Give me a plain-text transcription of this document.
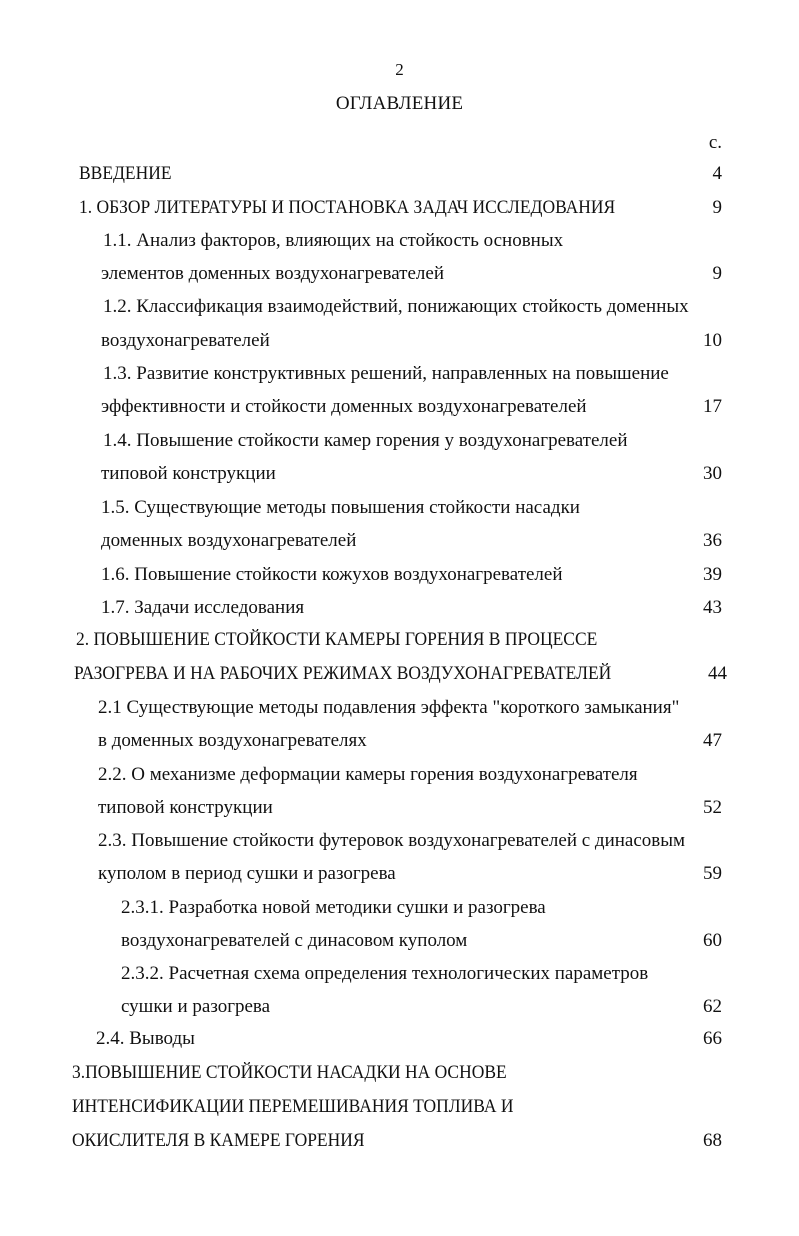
2
ОГЛАВЛЕНИЕ
с.
ВВЕДЕНИЕ	4
1. ОБЗОР ЛИТЕРАТУРЫ И ПОСТАНОВКА ЗАДАЧ ИССЛЕДОВАНИЯ	9
1.1. Анализ факторов, влияющих на стойкость основных
элементов доменных воздухонагревателей	9
1.2. Классификация взаимодействий, понижающих стойкость доменных
воздухонагревателей	10
1.3. Развитие конструктивных решений, направленных на повышение
эффективности и стойкости доменных воздухонагревателей	17
1.4. Повышение стойкости камер горения у воздухонагревателей
типовой конструкции	30
1.5. Существующие методы повышения стойкости насадки
доменных воздухонагревателей	36
1.6. Повышение стойкости кожухов воздухонагревателей	39
1.7. Задачи исследования	43
2. ПОВЫШЕНИЕ СТОЙКОСТИ КАМЕРЫ ГОРЕНИЯ В ПРОЦЕССЕ
РАЗОГРЕВА И НА РАБОЧИХ РЕЖИМАХ ВОЗДУХОНАГРЕВАТЕЛЕЙ	44
2.1 Существующие методы подавления эффекта "короткого замыкания"
в доменных воздухонагревателях	47
2.2. О механизме деформации камеры горения воздухонагревателя
типовой конструкции	52
2.3. Повышение стойкости футеровок воздухонагревателей с динасовым
куполом в период сушки и разогрева	59
2.3.1. Разработка новой методики сушки и разогрева
воздухонагревателей с динасовом куполом	60
2.3.2. Расчетная схема определения технологических параметров
сушки и разогрева	62
2.4. Выводы	66
3.ПОВЫШЕНИЕ СТОЙКОСТИ НАСАДКИ НА ОСНОВЕ
ИНТЕНСИФИКАЦИИ ПЕРЕМЕШИВАНИЯ ТОПЛИВА И
ОКИСЛИТЕЛЯ В КАМЕРЕ ГОРЕНИЯ	68
